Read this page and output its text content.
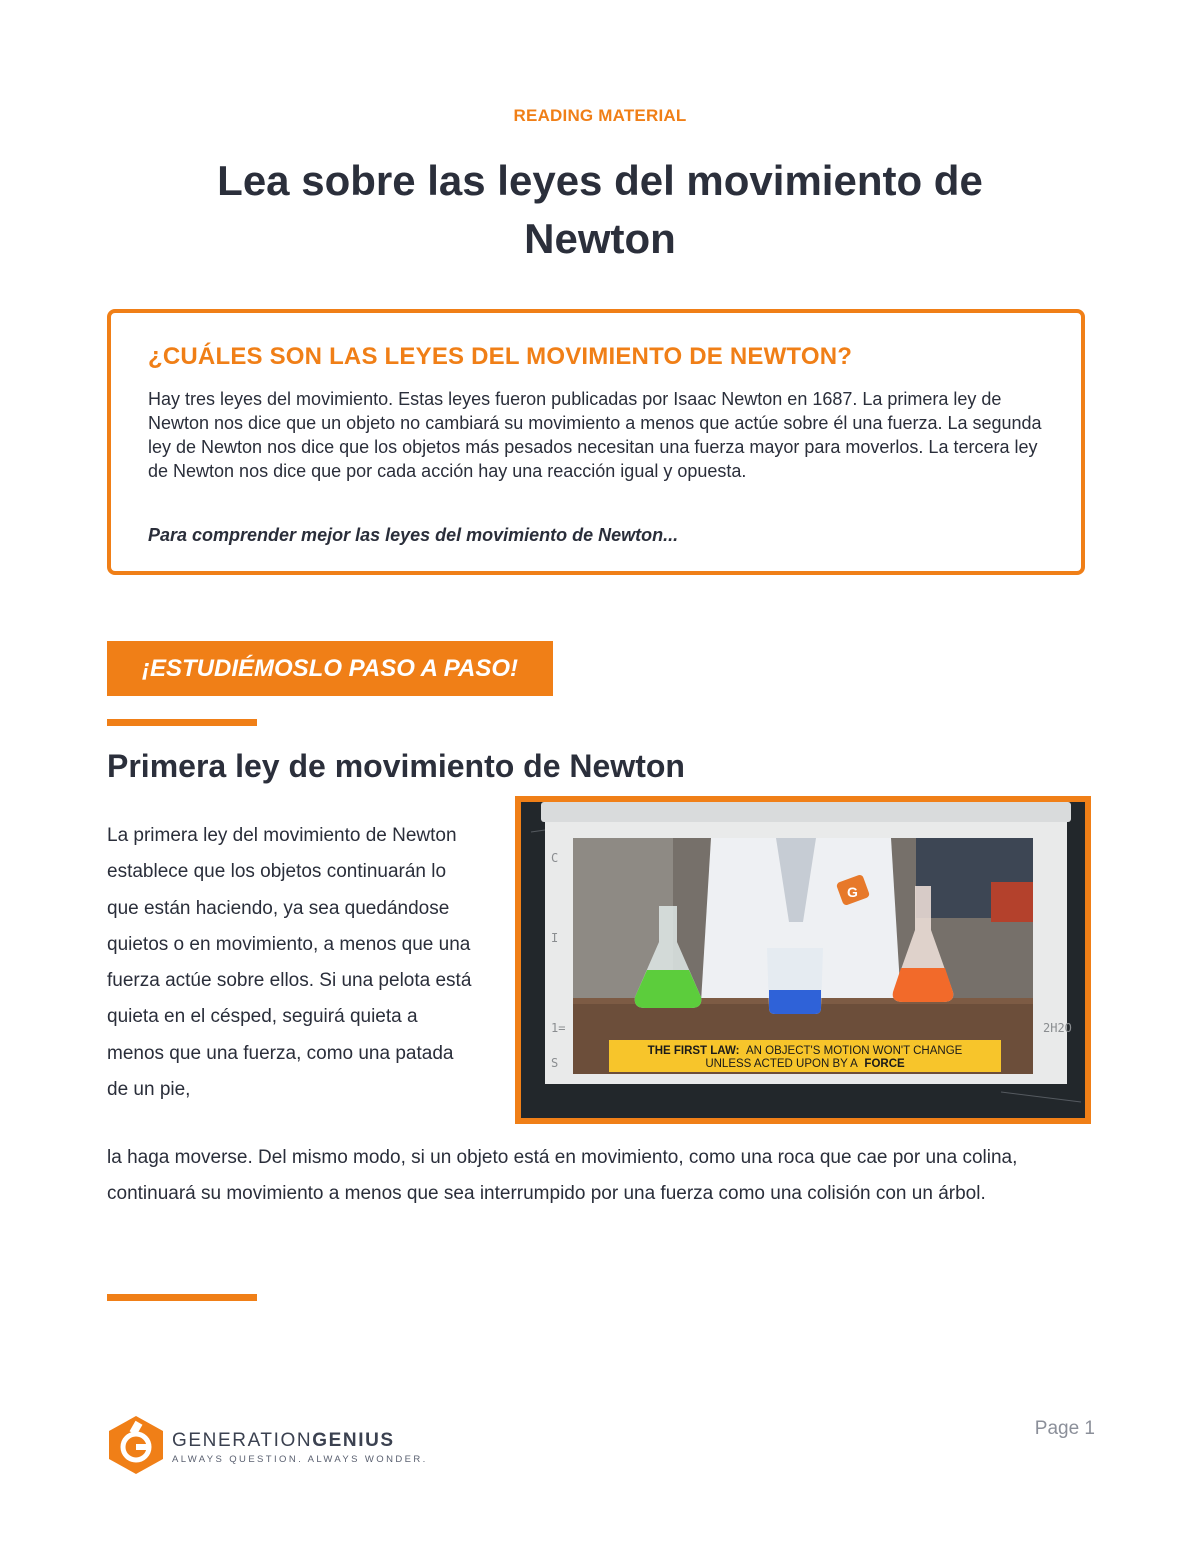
READING MATERIAL
Lea sobre las leyes del movimiento de Newton
¿CUÁLES SON LAS LEYES DEL MOVIMIENTO DE NEWTON?

Hay tres leyes del movimiento. Estas leyes fueron publicadas por Isaac Newton en 1687. La primera ley de Newton nos dice que un objeto no cambiará su movimiento a menos que actúe sobre él una fuerza. La segunda ley de Newton nos dice que los objetos más pesados necesitan una fuerza mayor para moverlos. La tercera ley de Newton nos dice que por cada acción hay una reacción igual y opuesta.

Para comprender mejor las leyes del movimiento de Newton...

¡ESTUDIÉMOSLO PASO A PASO!
Primera ley de movimiento de Newton

La primera ley del movimiento de Newton establece que los objetos continuarán lo que están haciendo, ya sea quedándose quietos o en movimiento, a menos que una fuerza actúe sobre ellos. Si una pelota está quieta en el césped, seguirá quieta a menos que una fuerza, como una patada de un pie,

la haga moverse. Del mismo modo, si un objeto está en movimiento, como una roca que cae por una colina, continuará su movimiento a menos que sea interrumpido por una fuerza como una colisión con un árbol.

C
I
1=
S
2H2O
G
THE FIRST LAW: AN OBJECT'S MOTION WON'T CHANGE
UNLESS ACTED UPON BY A FORCE
GENERATIONGENIUS
ALWAYS QUESTION. ALWAYS WONDER.
Page 1
